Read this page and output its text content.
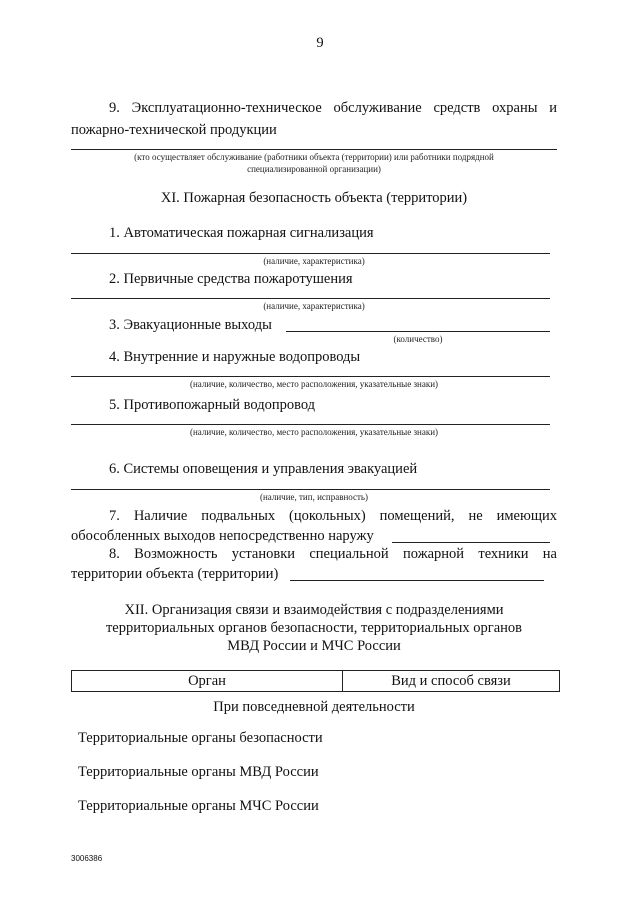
9
9. Эксплуатационно-техническое обслуживание средств охраны и
пожарно-технической продукции
(кто осуществляет обслуживание (работники объекта (территории) или работники подрядной
специализированной организации)
XI. Пожарная безопасность объекта (территории)
1. Автоматическая пожарная сигнализация
(наличие, характеристика)
2. Первичные средства пожаротушения
(наличие, характеристика)
3. Эвакуационные выходы
(количество)
4. Внутренние и наружные водопроводы
(наличие, количество, место расположения, указательные знаки)
5. Противопожарный водопровод
(наличие, количество, место расположения, указательные знаки)
6. Системы оповещения и управления эвакуацией
(наличие, тип, исправность)
7. Наличие подвальных (цокольных) помещений, не имеющих
обособленных выходов непосредственно наружу
8. Возможность установки специальной пожарной техники на
территории объекта (территории)
XII. Организация связи и взаимодействия с подразделениями
территориальных органов безопасности, территориальных органов
МВД России и МЧС России
Орган	Вид и способ связи
При повседневной деятельности
Территориальные органы безопасности
Территориальные органы МВД России
Территориальные органы МЧС России
3006386
